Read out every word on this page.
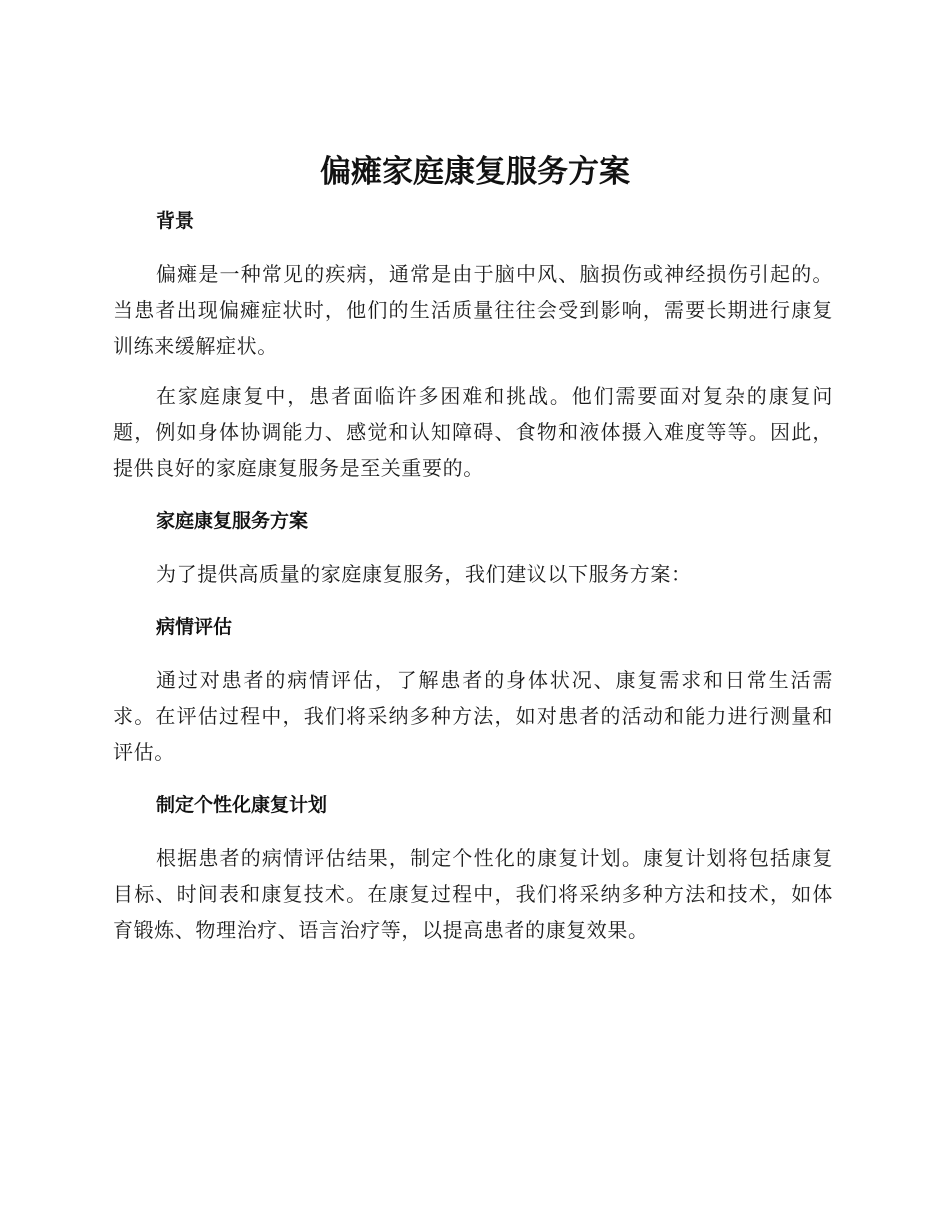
偏瘫家庭康复服务方案
背景

偏瘫是一种常见的疾病，通常是由于脑中风、脑损伤或神经损伤引起的。当患者出现偏瘫症状时，他们的生活质量往往会受到影响，需要长期进行康复训练来缓解症状。

在家庭康复中，患者面临许多困难和挑战。他们需要面对复杂的康复问题，例如身体协调能力、感觉和认知障碍、食物和液体摄入难度等等。因此，提供良好的家庭康复服务是至关重要的。

家庭康复服务方案

为了提供高质量的家庭康复服务，我们建议以下服务方案：

病情评估

通过对患者的病情评估，了解患者的身体状况、康复需求和日常生活需求。在评估过程中，我们将采纳多种方法，如对患者的活动和能力进行测量和评估。

制定个性化康复计划

根据患者的病情评估结果，制定个性化的康复计划。康复计划将包括康复目标、时间表和康复技术。在康复过程中，我们将采纳多种方法和技术，如体育锻炼、物理治疗、语言治疗等，以提高患者的康复效果。
